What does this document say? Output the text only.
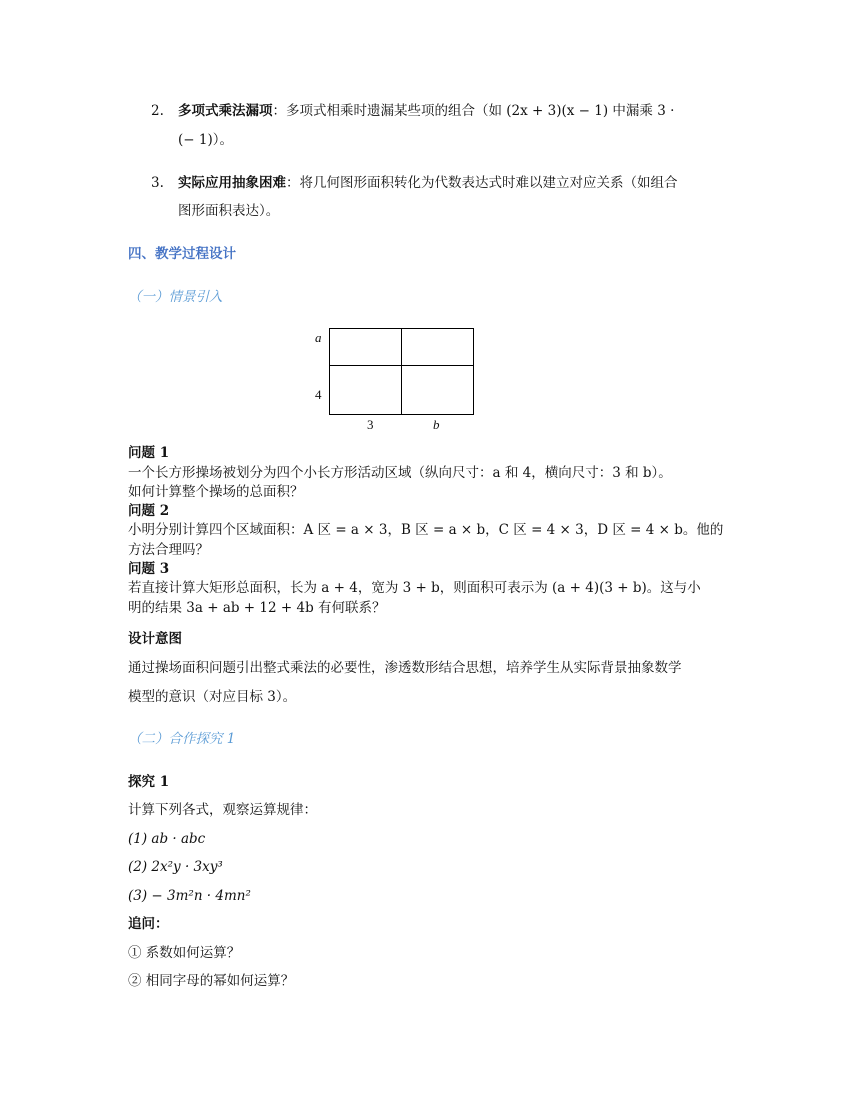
2. 多项式乘法漏项：多项式相乘时遗漏某些项的组合（如 (2x + 3)(x − 1) 中漏乘 3 ·
(− 1)）。
3. 实际应用抽象困难：将几何图形面积转化为代数表达式时难以建立对应关系（如组合
图形面积表达）。
四、教学过程设计
（一）情景引入
a
4
3	b
问题 1
一个长方形操场被划分为四个小长方形活动区域（纵向尺寸：a 和 4，横向尺寸：3 和 b）。
如何计算整个操场的总面积？
问题 2
小明分别计算四个区域面积：A 区 = a × 3，B 区 = a × b，C 区 = 4 × 3，D 区 = 4 × b。他的
方法合理吗？
问题 3
若直接计算大矩形总面积，长为 a + 4，宽为 3 + b，则面积可表示为 (a + 4)(3 + b)。这与小
明的结果 3a + ab + 12 + 4b 有何联系？
设计意图
通过操场面积问题引出整式乘法的必要性，渗透数形结合思想，培养学生从实际背景抽象数学
模型的意识（对应目标 3）。
（二）合作探究 1
探究 1
计算下列各式，观察运算规律：
(1) ab · abc
(2) 2x²y · 3xy³
(3) − 3m²n · 4mn²
追问：
① 系数如何运算？
② 相同字母的幂如何运算？
